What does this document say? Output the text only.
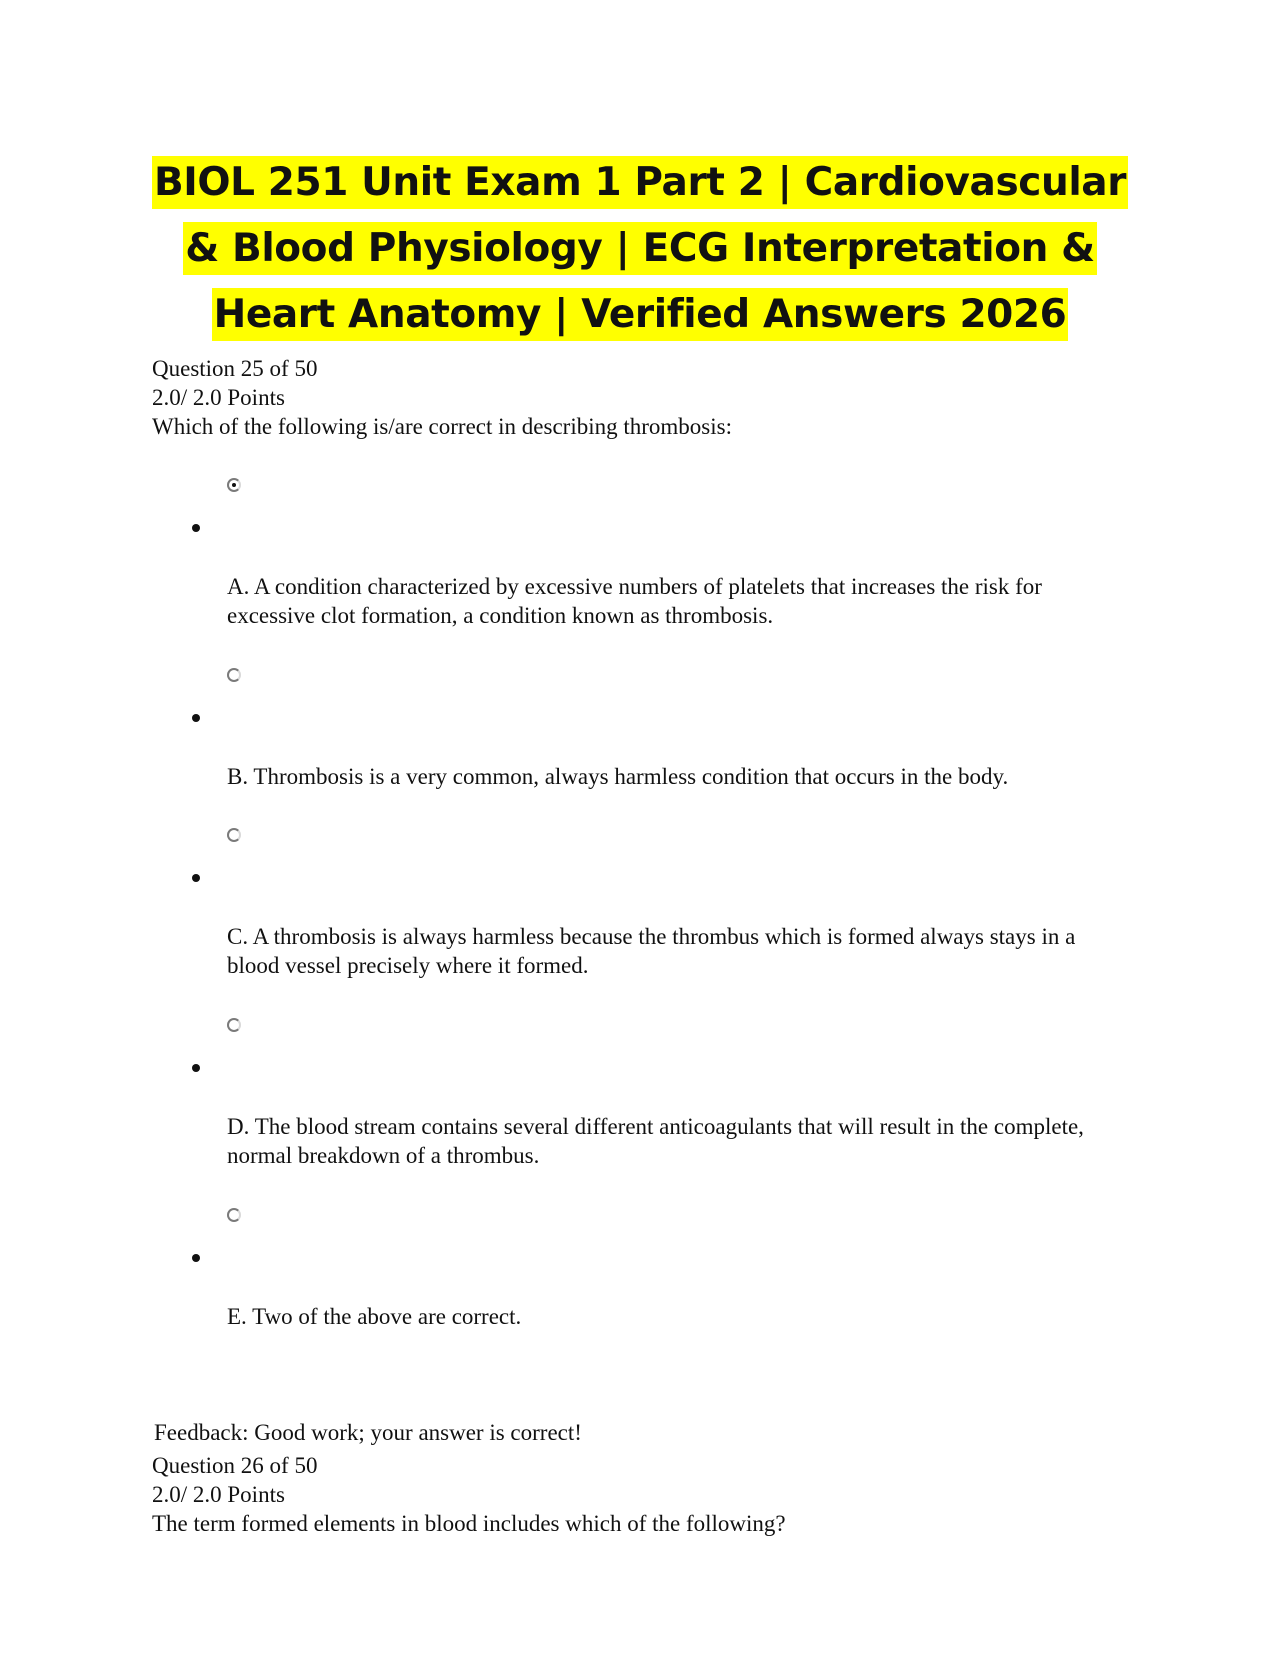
BIOL 251 Unit Exam 1 Part 2 | Cardiovascular & Blood Physiology | ECG Interpretation & Heart Anatomy | Verified Answers 2026
Question 25 of 50
2.0/ 2.0 Points
Which of the following is/are correct in describing thrombosis:
A. A condition characterized by excessive numbers of platelets that increases the risk for excessive clot formation, a condition known as thrombosis.
B. Thrombosis is a very common, always harmless condition that occurs in the body.
C. A thrombosis is always harmless because the thrombus which is formed always stays in a blood vessel precisely where it formed.
D. The blood stream contains several different anticoagulants that will result in the complete, normal breakdown of a thrombus.
E. Two of the above are correct.
Feedback: Good work; your answer is correct!
Question 26 of 50
2.0/ 2.0 Points
The term formed elements in blood includes which of the following?
